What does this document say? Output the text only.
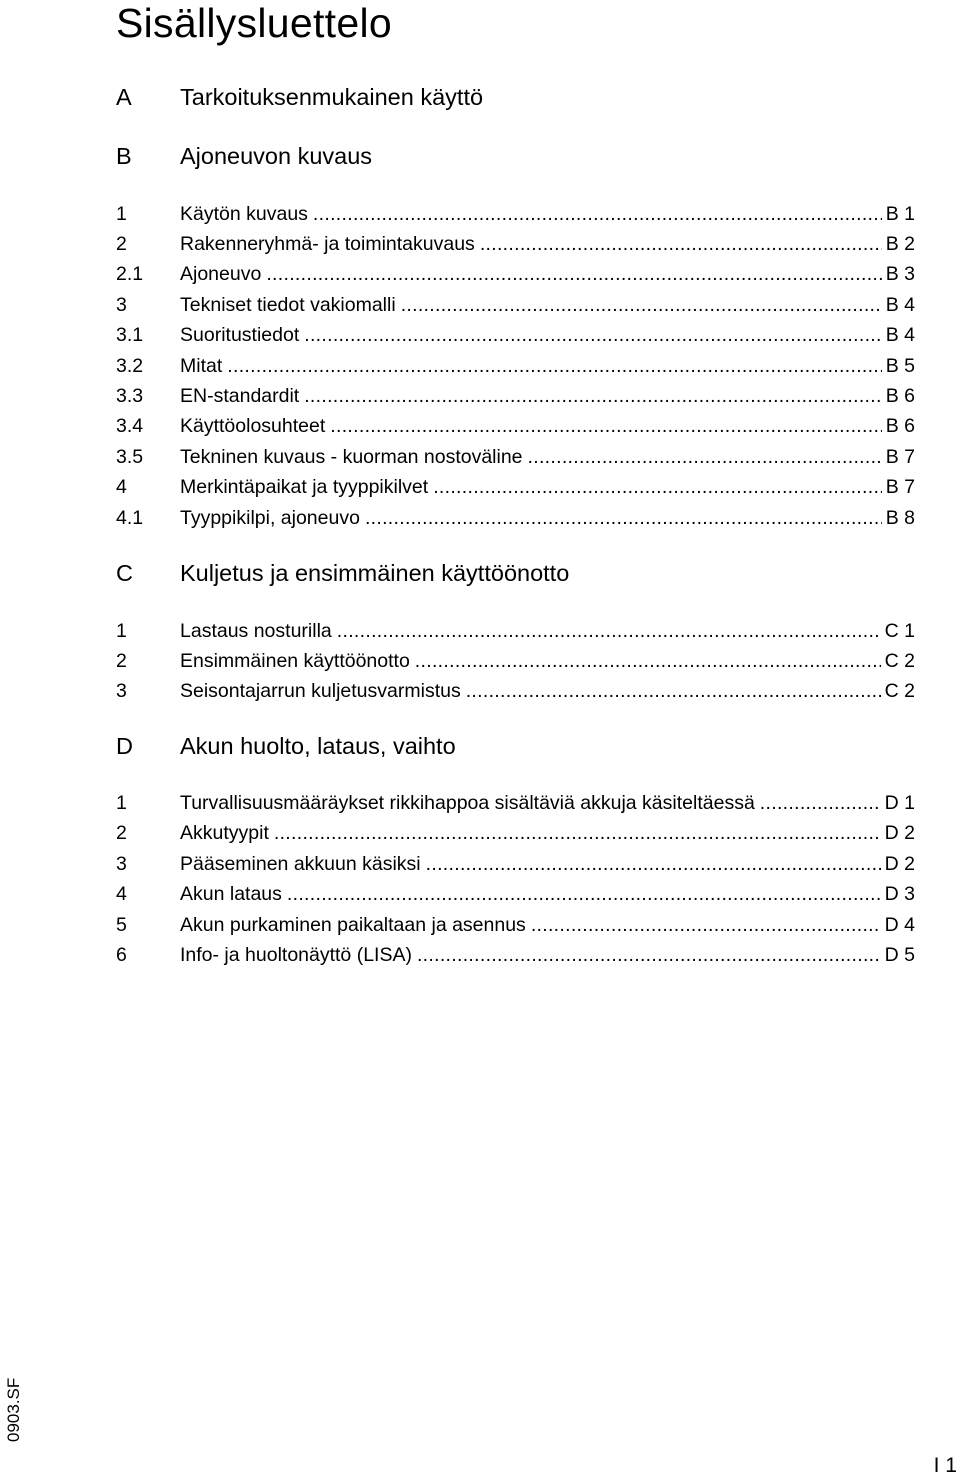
Sisällysluettelo
A Tarkoituksenmukainen käyttö
B Ajoneuvon kuvaus
1	Käytön kuvaus .....	B 1
2	Rakenneryhmä- ja toimintakuvaus .....	B 2
2.1 Ajoneuvo .....	B 3
3	Tekniset tiedot vakiomalli .....	B 4
3.1 Suoritustiedot .....	B 4
3.2 Mitat .....	B 5
3.3 EN-standardit .....	B 6
3.4 Käyttöolosuhteet .....	B 6
3.5 Tekninen kuvaus - kuorman nostoväline .....	B 7
4	Merkintäpaikat ja tyyppikilvet .....	B 7
4.1 Tyyppikilpi, ajoneuvo .....	B 8
C Kuljetus ja ensimmäinen käyttöönotto
1	Lastaus nosturilla .....	C 1
2	Ensimmäinen käyttöönotto .....	C 2
3	Seisontajarrun kuljetusvarmistus .....	C 2
D Akun huolto, lataus, vaihto
1	Turvallisuusmääräykset rikkihappoa sisältäviä akkuja käsiteltäessä .....	D 1
2	Akkutyypit .....	D 2
3	Pääseminen akkuun käsiksi .....	D 2
4	Akun lataus .....	D 3
5	Akun purkaminen paikaltaan ja asennus .....	D 4
6	Info- ja huoltonäyttö (LISA) .....	D 5
0903.SF
I 1
